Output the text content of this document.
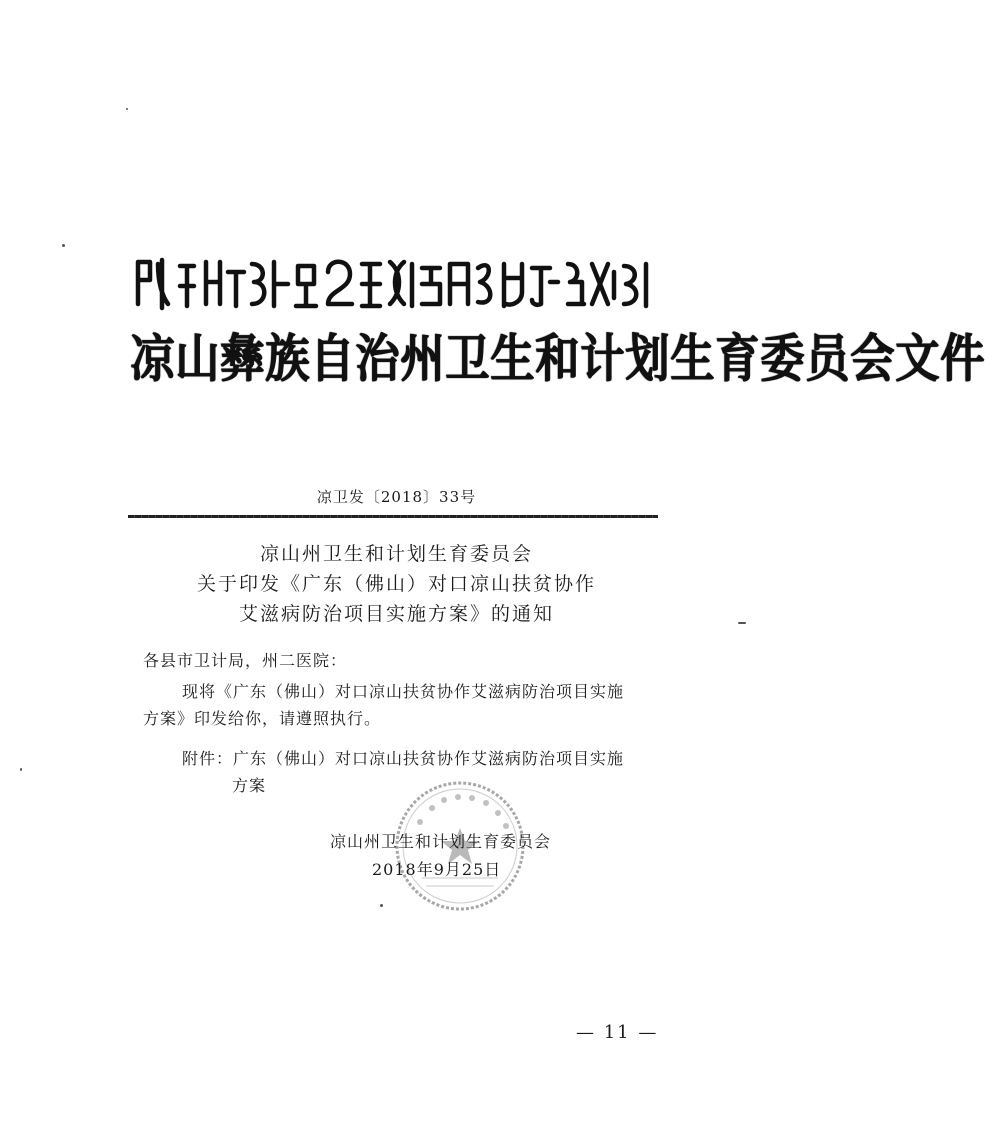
凉山彝族自治州卫生和计划生育委员会文件
凉卫发〔2018〕33号
凉山州卫生和计划生育委员会
关于印发《广东（佛山）对口凉山扶贫协作
艾滋病防治项目实施方案》的通知
各县市卫计局，州二医院：
现将《广东（佛山）对口凉山扶贫协作艾滋病防治项目实施
方案》印发给你，请遵照执行。
附件：广东（佛山）对口凉山扶贫协作艾滋病防治项目实施
方案
凉山州卫生和计划生育委员会
2018年9月25日
— 11 —
